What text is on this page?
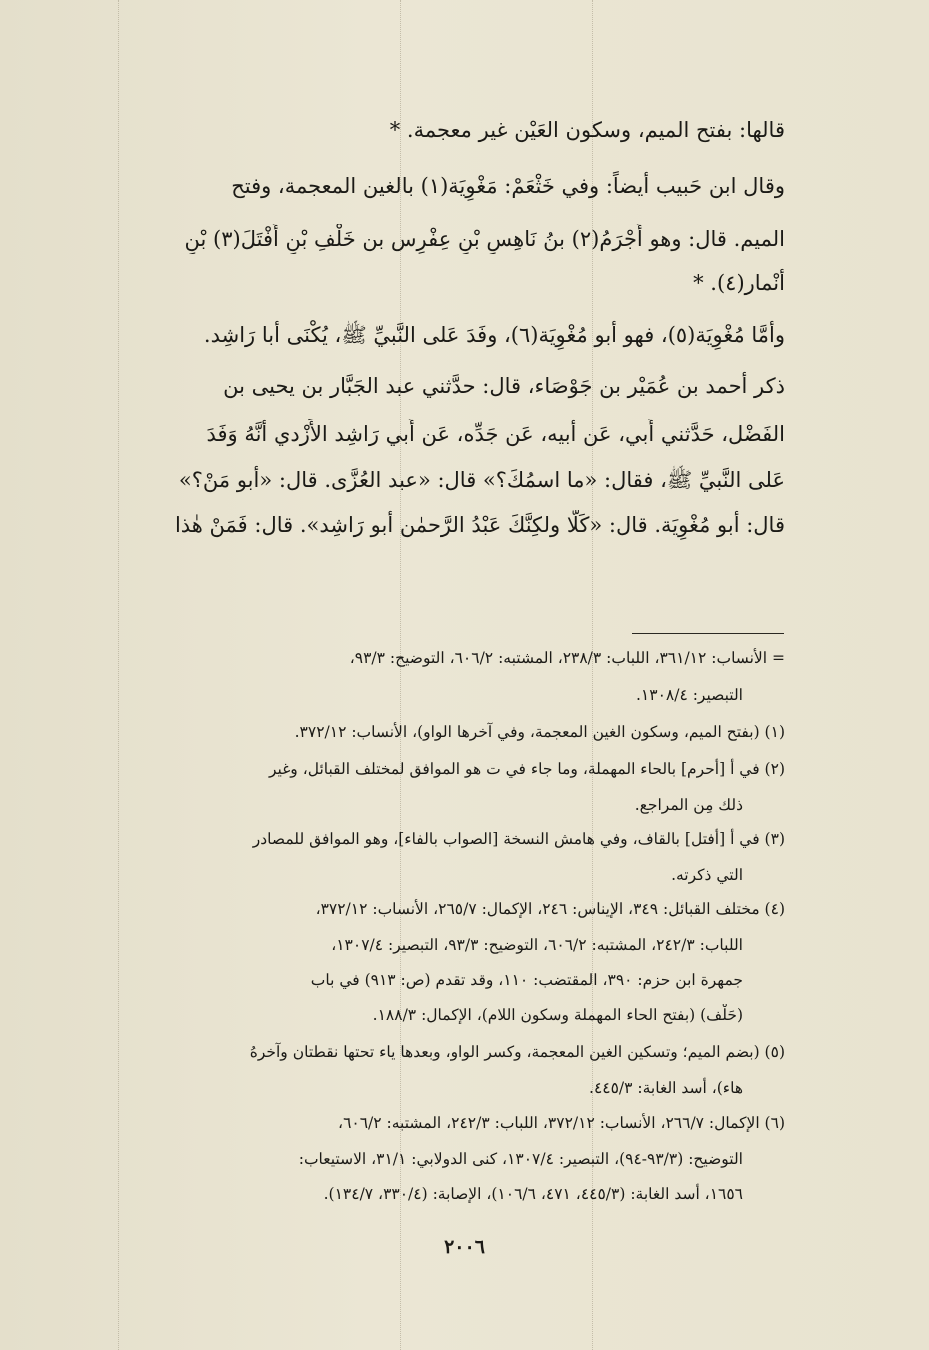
قالها: بفتح الميم، وسكون العَيْن غير معجمة. *
وقال ابن حَبيب أيضاً: وفي خَثْعَمْ: مَغْوِيَة(١) بالغين المعجمة، وفتح
الميم. قال: وهو أَجْرَمُ(٢) بنُ نَاهِسِ بْنِ عِفْرِس بن خَلْفِ بْنِ أَفْتَلَ(٣) بْنِ
أنْمار(٤). *
وأمَّا مُغْوِيَة(٥)، فهو أبو مُغْوِيَة(٦)، وفَدَ عَلى النَّبيِّ ﷺ، يُكْنَى أبا رَاشِد.
ذكر أحمد بن عُمَيْر بن جَوْصَاء، قال: حدَّثني عبد الجَبَّار بن يحيى بن
الفَضْل، حَدَّثني أَبي، عَن أبيه، عَن جَدِّه، عَن أَبي رَاشِد الأَزْدي أنَّهُ وَفَدَ
عَلى النَّبيِّ ﷺ، فقال: «ما اسمُكَ؟» قال: «عبد العُزَّى. قال: «أبو مَنْ؟»
قال: أبو مُغْوِيَة. قال: «كَلَّا ولكِنَّكَ عَبْدُ الرَّحمٰن أبو رَاشِد». قال: فَمَنْ هٰذا
= الأنساب: ٣٦١/١٢، اللباب: ٢٣٨/٣، المشتبه: ٦٠٦/٢، التوضيح: ٩٣/٣،
التبصير: ١٣٠٨/٤.
(١) (بفتح الميم، وسكون الغين المعجمة، وفي آخرها الواو)، الأنساب: ٣٧٢/١٢.
(٢) في أ [أحرم] بالحاء المهملة، وما جاء في ت هو الموافق لمختلف القبائل، وغير
ذلك مِن المراجع.
(٣) في أ [أفتل] بالقاف، وفي هامش النسخة [الصواب بالفاء]، وهو الموافق للمصادر
التي ذكرته.
(٤) مختلف القبائل: ٣٤٩، الإيناس: ٢٤٦، الإكمال: ٢٦٥/٧، الأنساب: ٣٧٢/١٢،
اللباب: ٢٤٢/٣، المشتبه: ٦٠٦/٢، التوضيح: ٩٣/٣، التبصير: ١٣٠٧/٤،
جمهرة ابن حزم: ٣٩٠، المقتضب: ١١٠، وقد تقدم (ص: ٩١٣) في باب
(حَلْف) (بفتح الحاء المهملة وسكون اللام)، الإكمال: ١٨٨/٣.
(٥) (بضم الميم؛ وتسكين الغين المعجمة، وكسر الواو، وبعدها ياء تحتها نقطتان وآخرهُ
هاء)، أسد الغابة: ٤٤٥/٣.
(٦) الإكمال: ٢٦٦/٧، الأنساب: ٣٧٢/١٢، اللباب: ٢٤٢/٣، المشتبه: ٦٠٦/٢،
التوضيح: (٩٣/٣-٩٤)، التبصير: ١٣٠٧/٤، كنى الدولابي: ٣١/١، الاستيعاب:
١٦٥٦، أسد الغابة: (٤٤٥/٣، ٤٧١، ١٠٦/٦)، الإصابة: (٣٣٠/٤، ١٣٤/٧).
٢٠٠٦
